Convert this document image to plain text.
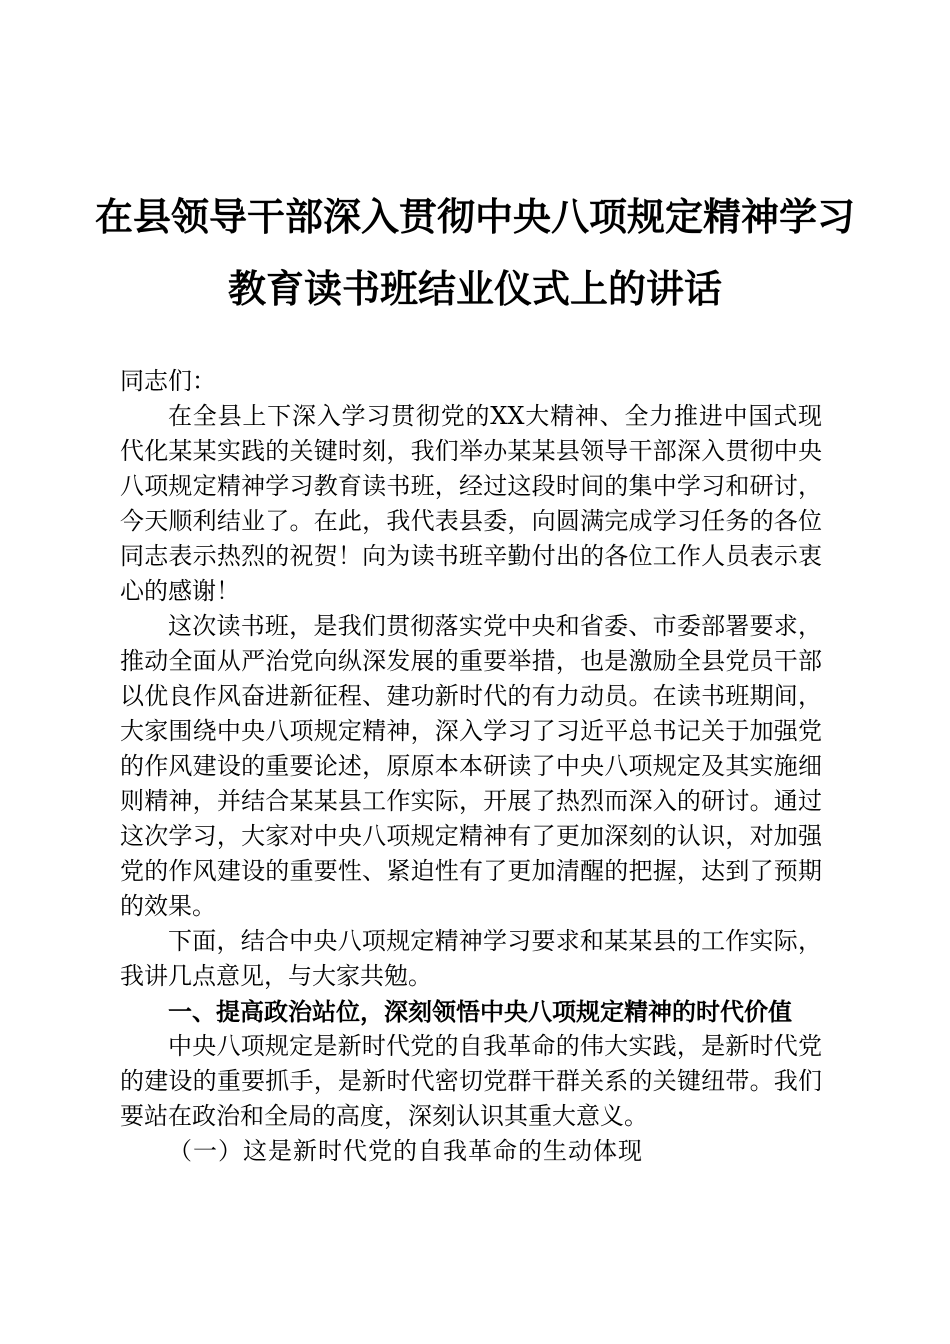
在县领导干部深入贯彻中央八项规定精神学习
教育读书班结业仪式上的讲话

同志们：

在全县上下深入学习贯彻党的XX大精神、全力推进中国式现代化某某实践的关键时刻，我们举办某某县领导干部深入贯彻中央八项规定精神学习教育读书班，经过这段时间的集中学习和研讨，今天顺利结业了。在此，我代表县委，向圆满完成学习任务的各位同志表示热烈的祝贺！向为读书班辛勤付出的各位工作人员表示衷心的感谢！

这次读书班，是我们贯彻落实党中央和省委、市委部署要求，推动全面从严治党向纵深发展的重要举措，也是激励全县党员干部以优良作风奋进新征程、建功新时代的有力动员。在读书班期间，大家围绕中央八项规定精神，深入学习了习近平总书记关于加强党的作风建设的重要论述，原原本本研读了中央八项规定及其实施细则精神，并结合某某县工作实际，开展了热烈而深入的研讨。通过这次学习，大家对中央八项规定精神有了更加深刻的认识，对加强党的作风建设的重要性、紧迫性有了更加清醒的把握，达到了预期的效果。

下面，结合中央八项规定精神学习要求和某某县的工作实际，我讲几点意见，与大家共勉。

一、提高政治站位，深刻领悟中央八项规定精神的时代价值

中央八项规定是新时代党的自我革命的伟大实践，是新时代党的建设的重要抓手，是新时代密切党群干群关系的关键纽带。我们要站在政治和全局的高度，深刻认识其重大意义。

（一）这是新时代党的自我革命的生动体现
